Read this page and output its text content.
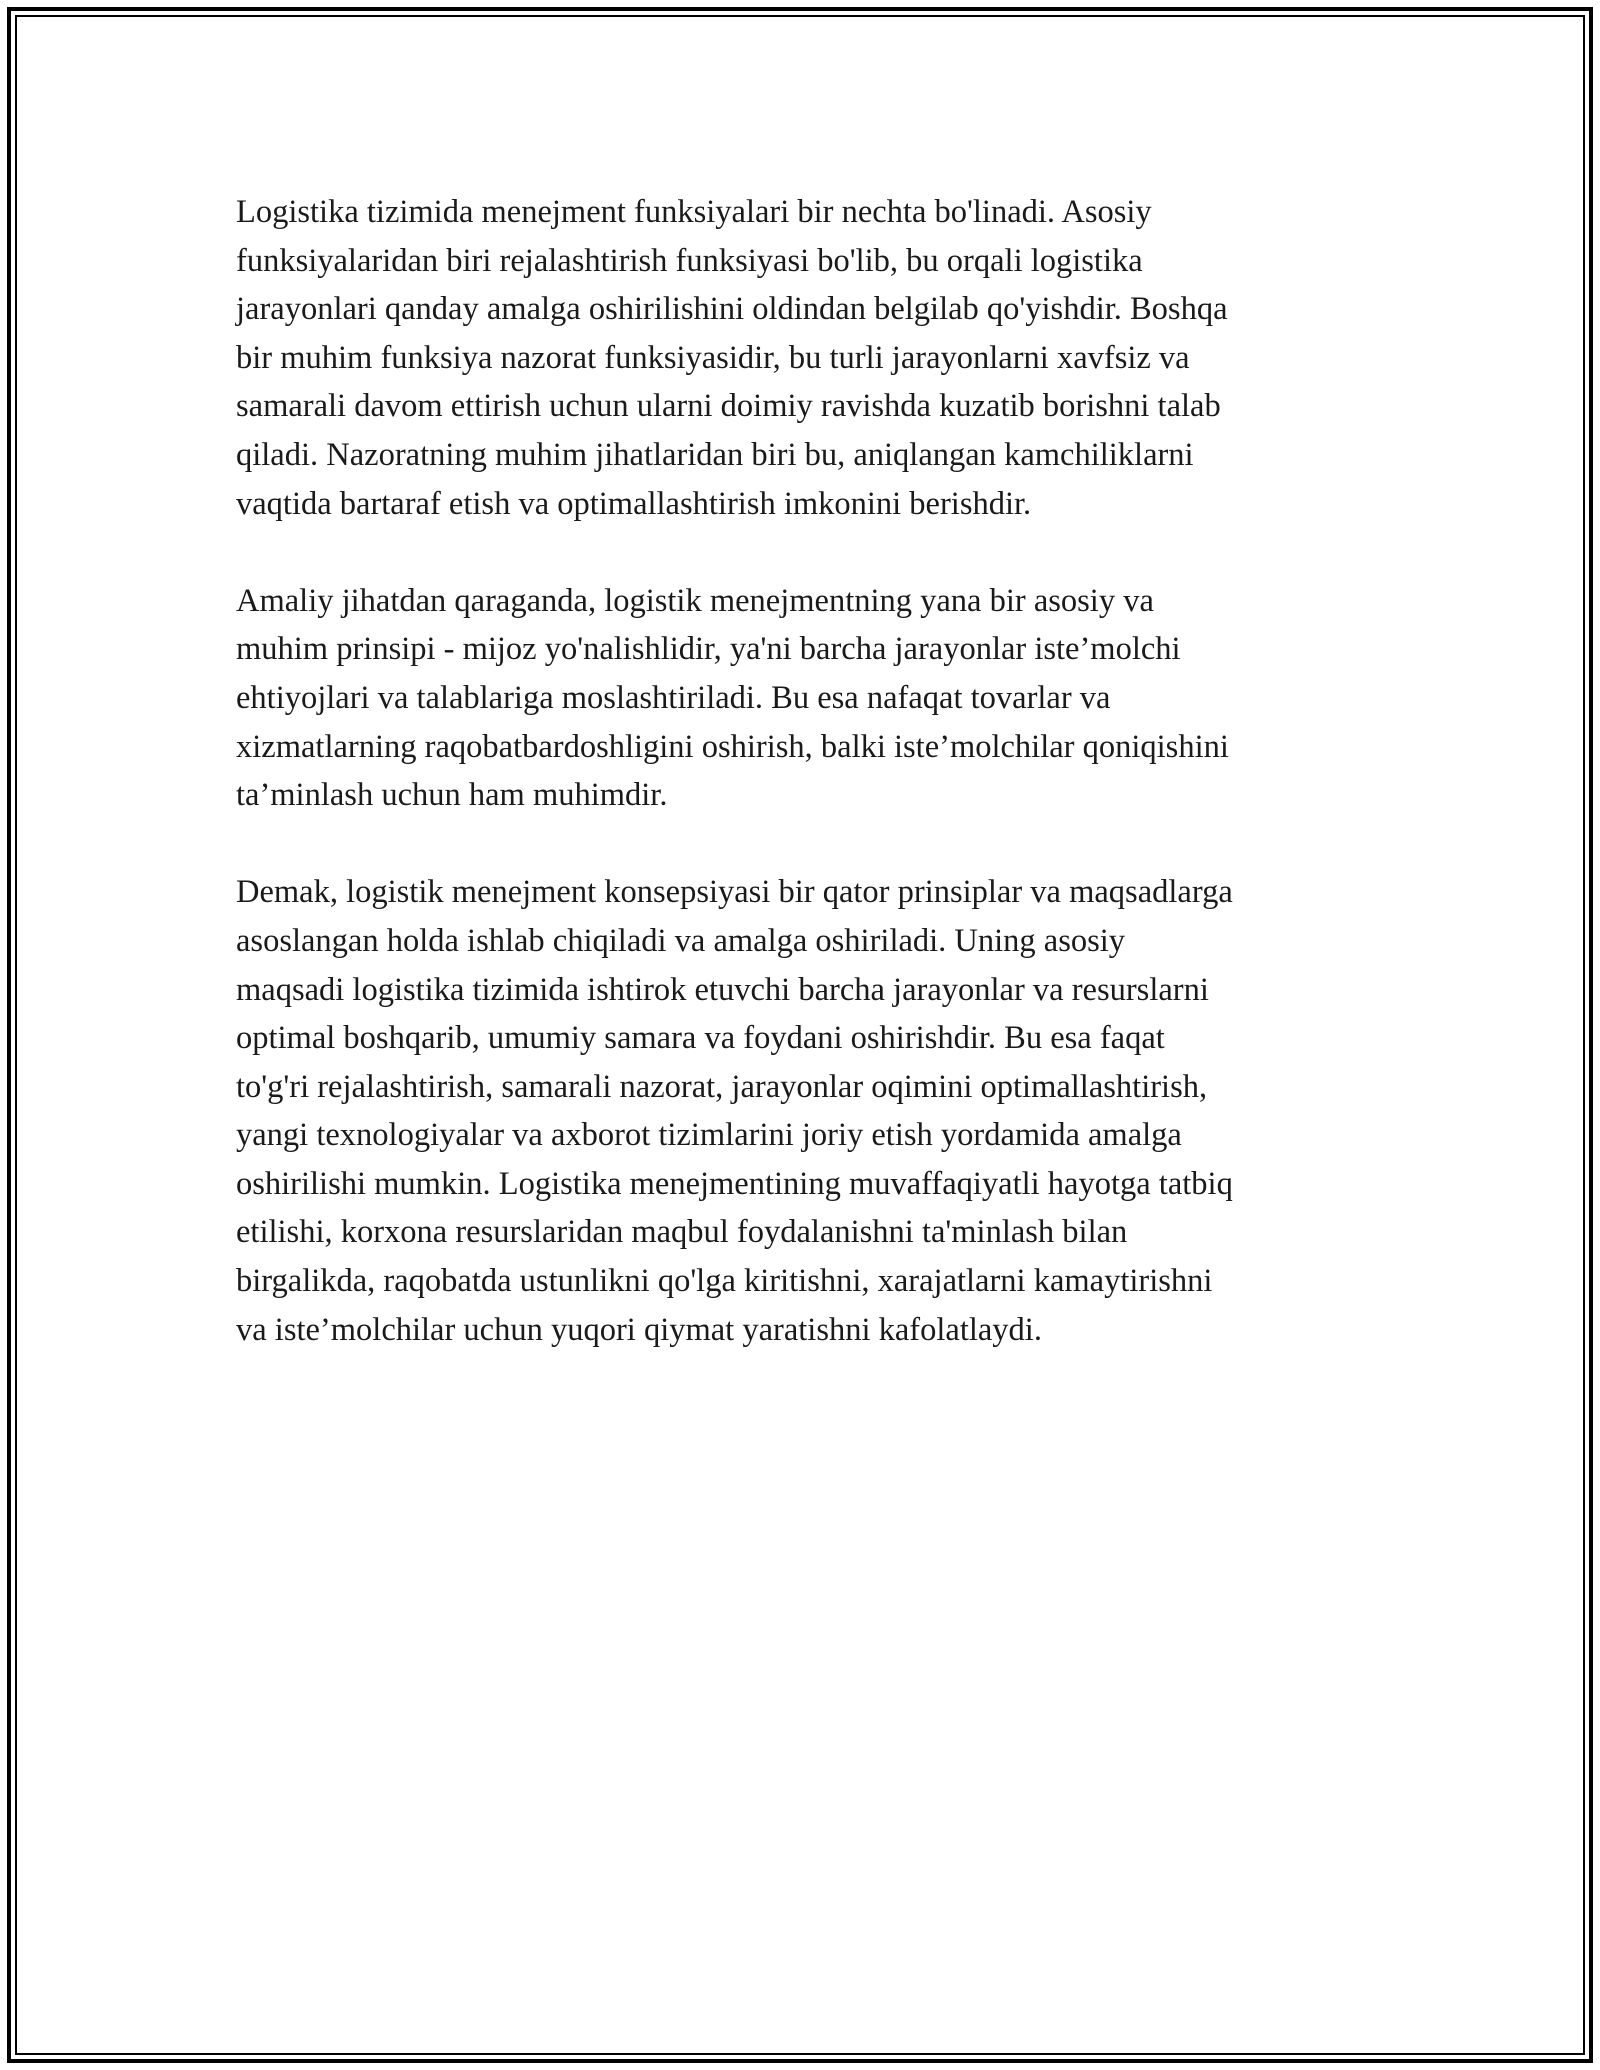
Logistika tizimida menejment funksiyalari bir nechta bo'linadi. Asosiy
funksiyalaridan biri rejalashtirish funksiyasi bo'lib, bu orqali logistika
jarayonlari qanday amalga oshirilishini oldindan belgilab qo'yishdir. Boshqa
bir muhim funksiya nazorat funksiyasidir, bu turli jarayonlarni xavfsiz va
samarali davom ettirish uchun ularni doimiy ravishda kuzatib borishni talab
qiladi. Nazoratning muhim jihatlaridan biri bu, aniqlangan kamchiliklarni
vaqtida bartaraf etish va optimallashtirish imkonini berishdir.

Amaliy jihatdan qaraganda, logistik menejmentning yana bir asosiy va
muhim prinsipi - mijoz yo'nalishlidir, ya'ni barcha jarayonlar iste’molchi
ehtiyojlari va talablariga moslashtiriladi. Bu esa nafaqat tovarlar va
xizmatlarning raqobatbardoshligini oshirish, balki iste’molchilar qoniqishini
ta’minlash uchun ham muhimdir.

Demak, logistik menejment konsepsiyasi bir qator prinsiplar va maqsadlarga
asoslangan holda ishlab chiqiladi va amalga oshiriladi. Uning asosiy
maqsadi logistika tizimida ishtirok etuvchi barcha jarayonlar va resurslarni
optimal boshqarib, umumiy samara va foydani oshirishdir. Bu esa faqat
to'g'ri rejalashtirish, samarali nazorat, jarayonlar oqimini optimallashtirish,
yangi texnologiyalar va axborot tizimlarini joriy etish yordamida amalga
oshirilishi mumkin. Logistika menejmentining muvaffaqiyatli hayotga tatbiq
etilishi, korxona resurslaridan maqbul foydalanishni ta'minlash bilan
birgalikda, raqobatda ustunlikni qo'lga kiritishni, xarajatlarni kamaytirishni
va iste’molchilar uchun yuqori qiymat yaratishni kafolatlaydi.
